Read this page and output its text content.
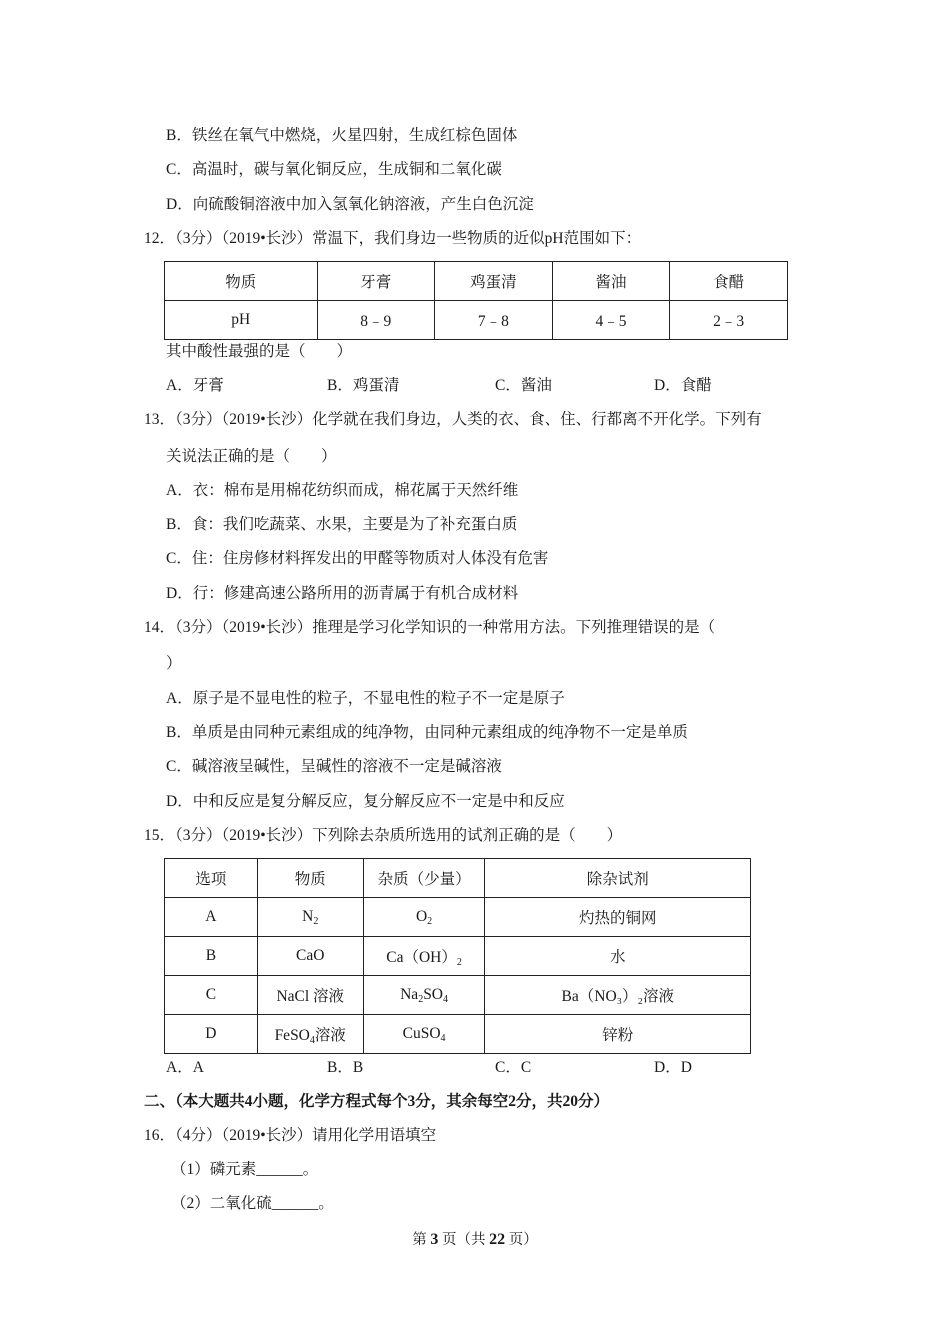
B．铁丝在氧气中燃烧，火星四射，生成红棕色固体
C．高温时，碳与氧化铜反应，生成铜和二氧化碳
D．向硫酸铜溶液中加入氢氧化钠溶液，产生白色沉淀
12．（3分）（2019•长沙）常温下，我们身边一些物质的近似pH范围如下：
物质	牙膏	鸡蛋清	酱油	食醋
pH	8﹣9	7﹣8	4﹣5	2﹣3
其中酸性最强的是（　　）
A．牙膏	B．鸡蛋清	C．酱油	D．食醋
13．（3分）（2019•长沙）化学就在我们身边，人类的衣、食、住、行都离不开化学。下列有
关说法正确的是（　　）
A．衣：棉布是用棉花纺织而成，棉花属于天然纤维
B．食：我们吃蔬菜、水果，主要是为了补充蛋白质
C．住：住房修材料挥发出的甲醛等物质对人体没有危害
D．行：修建高速公路所用的沥青属于有机合成材料
14．（3分）（2019•长沙）推理是学习化学知识的一种常用方法。下列推理错误的是（
）
A．原子是不显电性的粒子，不显电性的粒子不一定是原子
B．单质是由同种元素组成的纯净物，由同种元素组成的纯净物不一定是单质
C．碱溶液呈碱性，呈碱性的溶液不一定是碱溶液
D．中和反应是复分解反应，复分解反应不一定是中和反应
15．（3分）（2019•长沙）下列除去杂质所选用的试剂正确的是（　　）
选项	物质	杂质（少量）	除杂试剂
A	$N_2$	$O_2$	灼热的铜网
B	CaO	$Ca(OH)_2$	水
C	NaCl 溶液	$Na_2SO_4$	Ba（NO₃）₂溶液
D	FeSO$_4$溶液	CuSO$_4$	锌粉
A．A	B．B	C．C	D．D
二、（本大题共4小题，化学方程式每个3分，其余每空2分，共20分）
16．（4分）（2019•长沙）请用化学用语填空
（1）磷元素______。
（2）二氧化硫______。
第 3 页（共 22 页）
